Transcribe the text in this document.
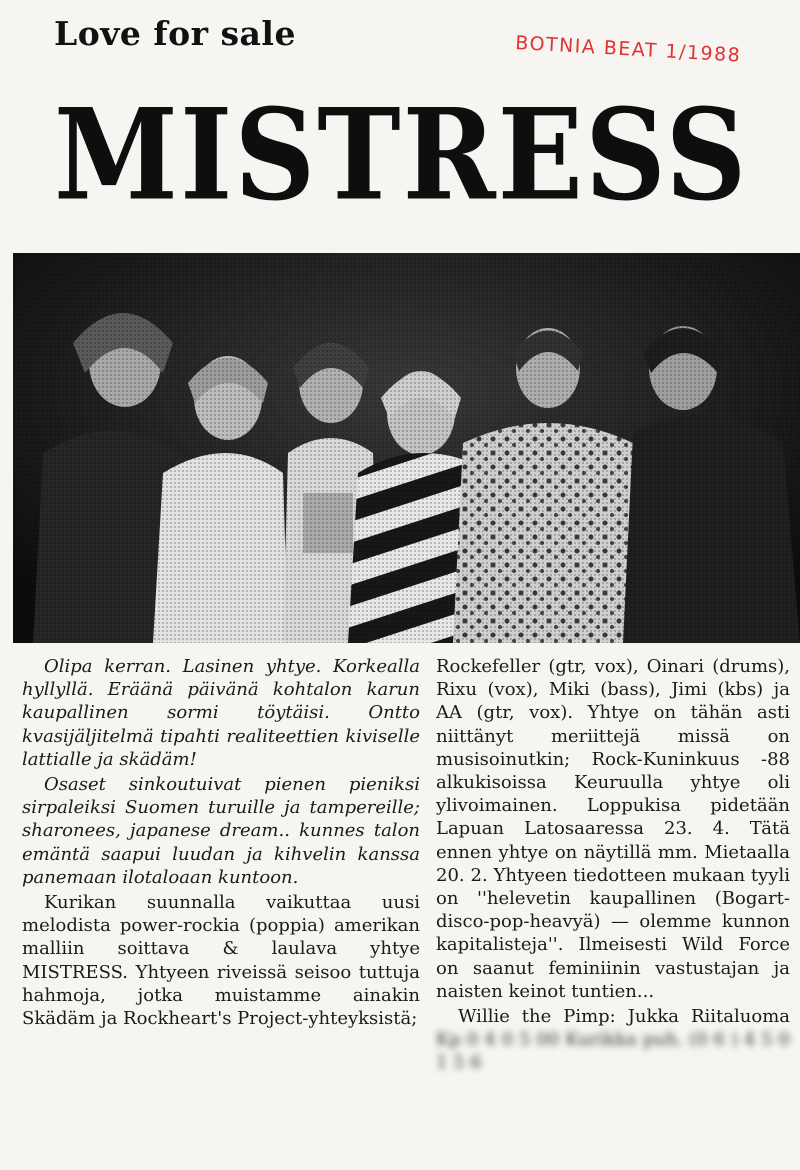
Love for sale	BOTNIA BEAT 1/1988
MISTRESS

Olipa kerran. Lasinen yhtye. Korkealla hyllyllä. Eräänä päivänä kohtalon karun kaupallinen sormi töytäisi. Ontto kvasijäljitelmä tipahti realiteettien kiviselle lattialle ja skädäm!

Osaset sinkoutuivat pienen pieniksi sirpaleiksi Suomen turuille ja tampereille; sharonees, japanese dream.. kunnes talon emäntä saapui luudan ja kihvelin kanssa panemaan ilotaloaan kuntoon.

Kurikan suunnalla vaikuttaa uusi melodista power-rockia (poppia) amerikan malliin soittava & laulava yhtye MISTRESS. Yhtyeen riveissä seisoo tuttuja hahmoja, jotka muistamme ainakin Skädäm ja Rockheart's Project-yhteyksistä;

Rockefeller (gtr, vox), Oinari (drums), Rixu (vox), Miki (bass), Jimi (kbs) ja AA (gtr, vox). Yhtye on tähän asti niittänyt meriittejä missä on musisoinutkin; Rock-Kuninkuus -88 alkukisoissa Keuruulla yhtye oli ylivoimainen. Loppukisa pidetään Lapuan Latosaaressa 23. 4. Tätä ennen yhtye on näytillä mm. Mietaalla 20. 2. Yhtyeen tiedotteen mukaan tyyli on ''helevetin kaupallinen (Bogart-disco-pop-heavyä) — olemme kunnon kapitalisteja''. Ilmeisesti Wild Force on saanut feminiinin vastustajan ja naisten keinot tuntien...

Willie the Pimp: Jukka Riitaluoma Kp 0 4 0 5 00 Kurikka puh. (0 6 ) 4 5 0 1 5 6
